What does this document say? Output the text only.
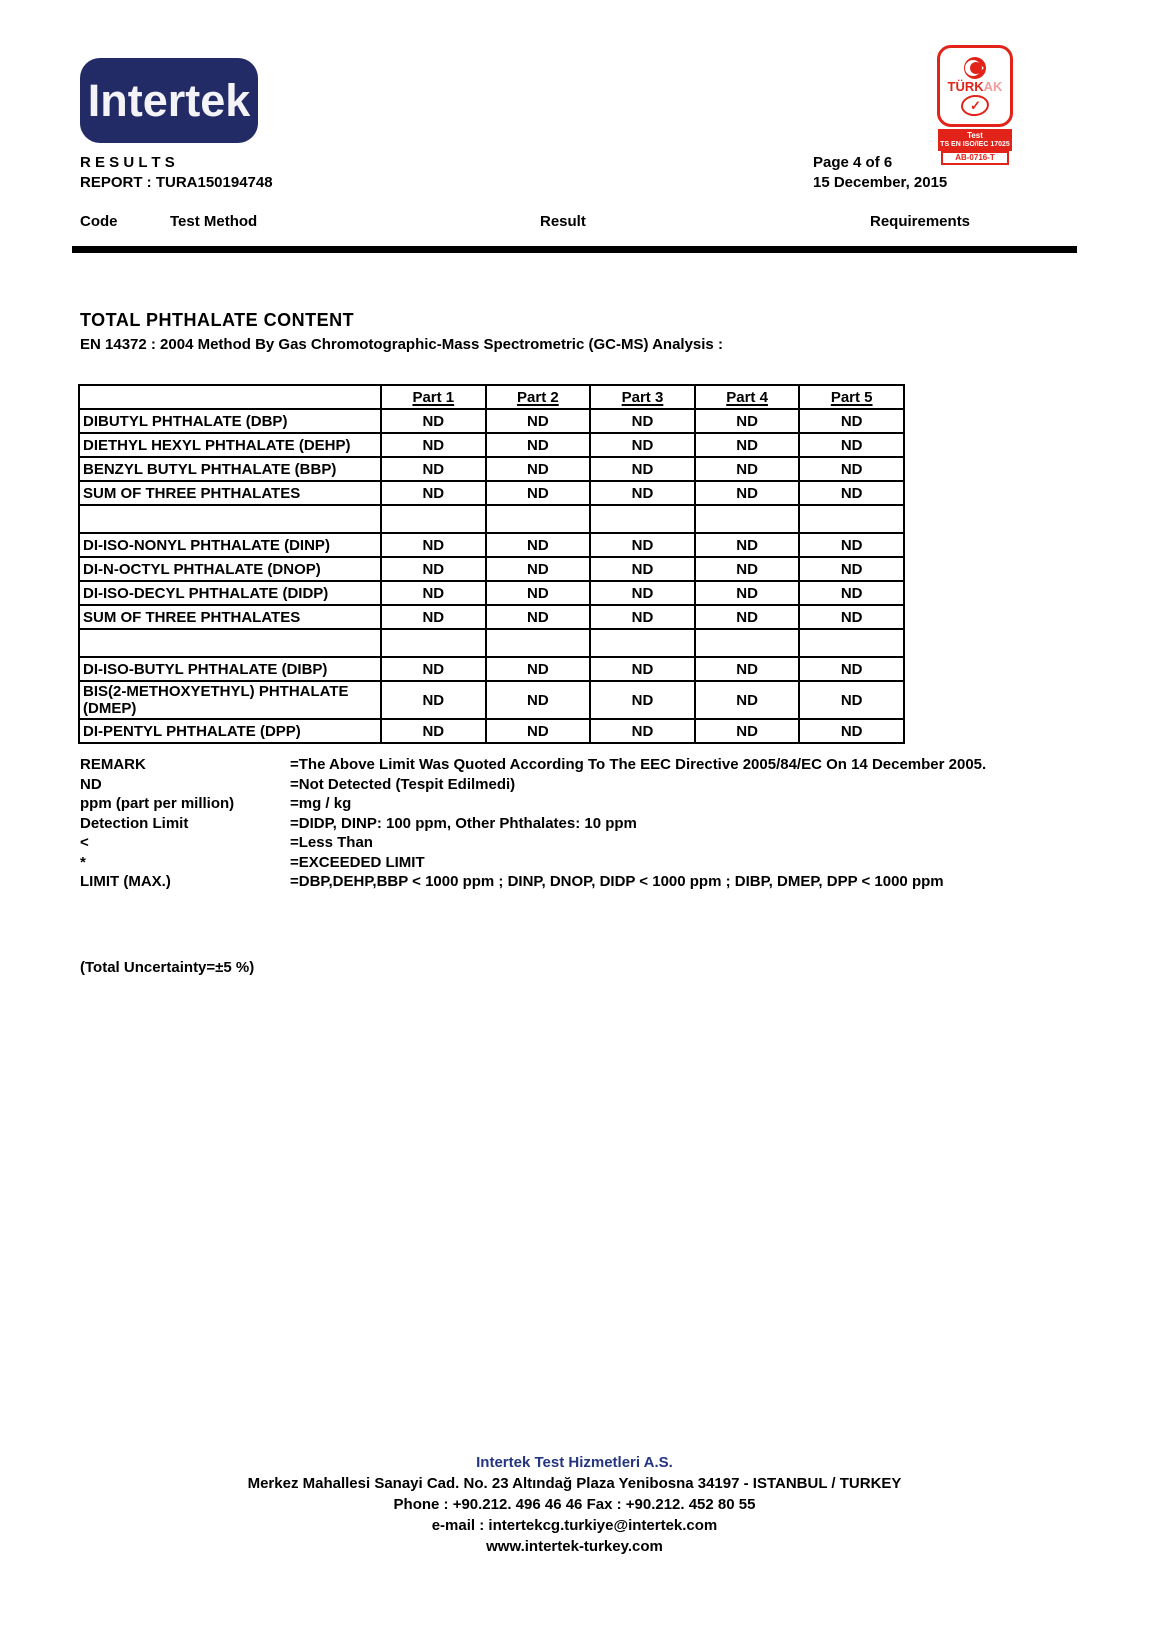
Intertek	TÜRKAK
✓
Test
TS EN ISO/IEC 17025
AB-0716-T
R E S U L T S
REPORT : TURA150194748
Page 4 of 6
15 December, 2015
Code	Test Method	Result	Requirements
TOTAL PHTHALATE CONTENT
EN 14372 : 2004 Method By Gas Chromotographic-Mass Spectrometric (GC-MS) Analysis :
	Part 1	Part 2	Part 3	Part 4	Part 5
DIBUTYL PHTHALATE (DBP)	ND	ND	ND	ND	ND
DIETHYL HEXYL PHTHALATE (DEHP)	ND	ND	ND	ND	ND
BENZYL BUTYL PHTHALATE (BBP)	ND	ND	ND	ND	ND
SUM OF THREE PHTHALATES	ND	ND	ND	ND	ND

DI-ISO-NONYL PHTHALATE (DINP)	ND	ND	ND	ND	ND
DI-N-OCTYL PHTHALATE (DNOP)	ND	ND	ND	ND	ND
DI-ISO-DECYL PHTHALATE (DIDP)	ND	ND	ND	ND	ND
SUM OF THREE PHTHALATES	ND	ND	ND	ND	ND

DI-ISO-BUTYL PHTHALATE (DIBP)	ND	ND	ND	ND	ND
BIS(2-METHOXYETHYL) PHTHALATE (DMEP)	ND	ND	ND	ND	ND
DI-PENTYL PHTHALATE (DPP)	ND	ND	ND	ND	ND
REMARK	=The Above Limit Was Quoted According To The EEC Directive 2005/84/EC On 14 December 2005.
ND	=Not Detected (Tespit Edilmedi)
ppm (part per million)	=mg / kg
Detection Limit	=DIDP, DINP: 100 ppm, Other Phthalates: 10 ppm
<	=Less Than
*	=EXCEEDED LIMIT
LIMIT (MAX.)	=DBP,DEHP,BBP < 1000 ppm ; DINP, DNOP, DIDP < 1000 ppm ; DIBP, DMEP, DPP < 1000 ppm
(Total Uncertainty=±5 %)
Intertek Test Hizmetleri A.S.
Merkez Mahallesi Sanayi Cad. No. 23 Altındağ Plaza Yenibosna 34197 - ISTANBUL / TURKEY
Phone : +90.212. 496 46 46 Fax : +90.212. 452 80 55
e-mail : intertekcg.turkiye@intertek.com
www.intertek-turkey.com
